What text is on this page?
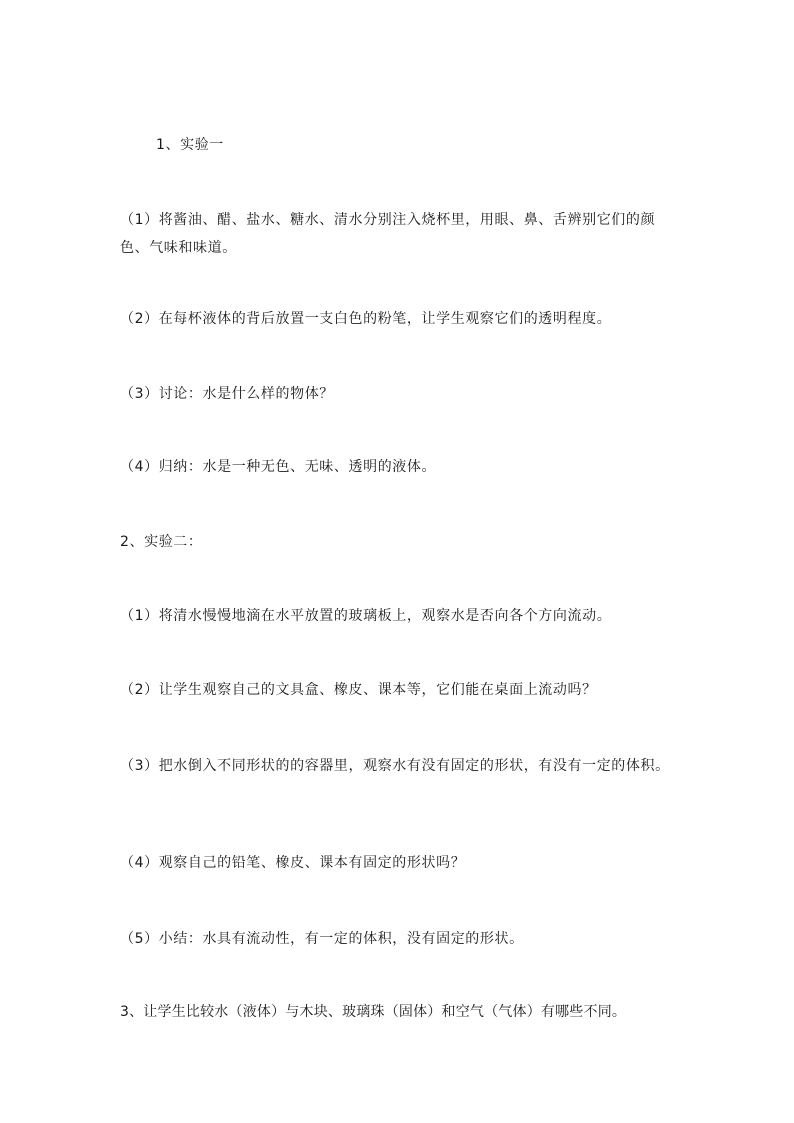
1、实验一

（1）将酱油、醋、盐水、糖水、清水分别注入烧杯里，用眼、鼻、舌辨别它们的颜色、气味和味道。

（2）在每杯液体的背后放置一支白色的粉笔，让学生观察它们的透明程度。

（3）讨论：水是什么样的物体？

（4）归纳：水是一种无色、无味、透明的液体。

2、实验二：

（1）将清水慢慢地滴在水平放置的玻璃板上，观察水是否向各个方向流动。

（2）让学生观察自己的文具盒、橡皮、课本等，它们能在桌面上流动吗？

（3）把水倒入不同形状的的容器里，观察水有没有固定的形状，有没有一定的体积。

（4）观察自己的铅笔、橡皮、课本有固定的形状吗？

（5）小结：水具有流动性，有一定的体积，没有固定的形状。

3、让学生比较水（液体）与木块、玻璃珠（固体）和空气（气体）有哪些不同。
